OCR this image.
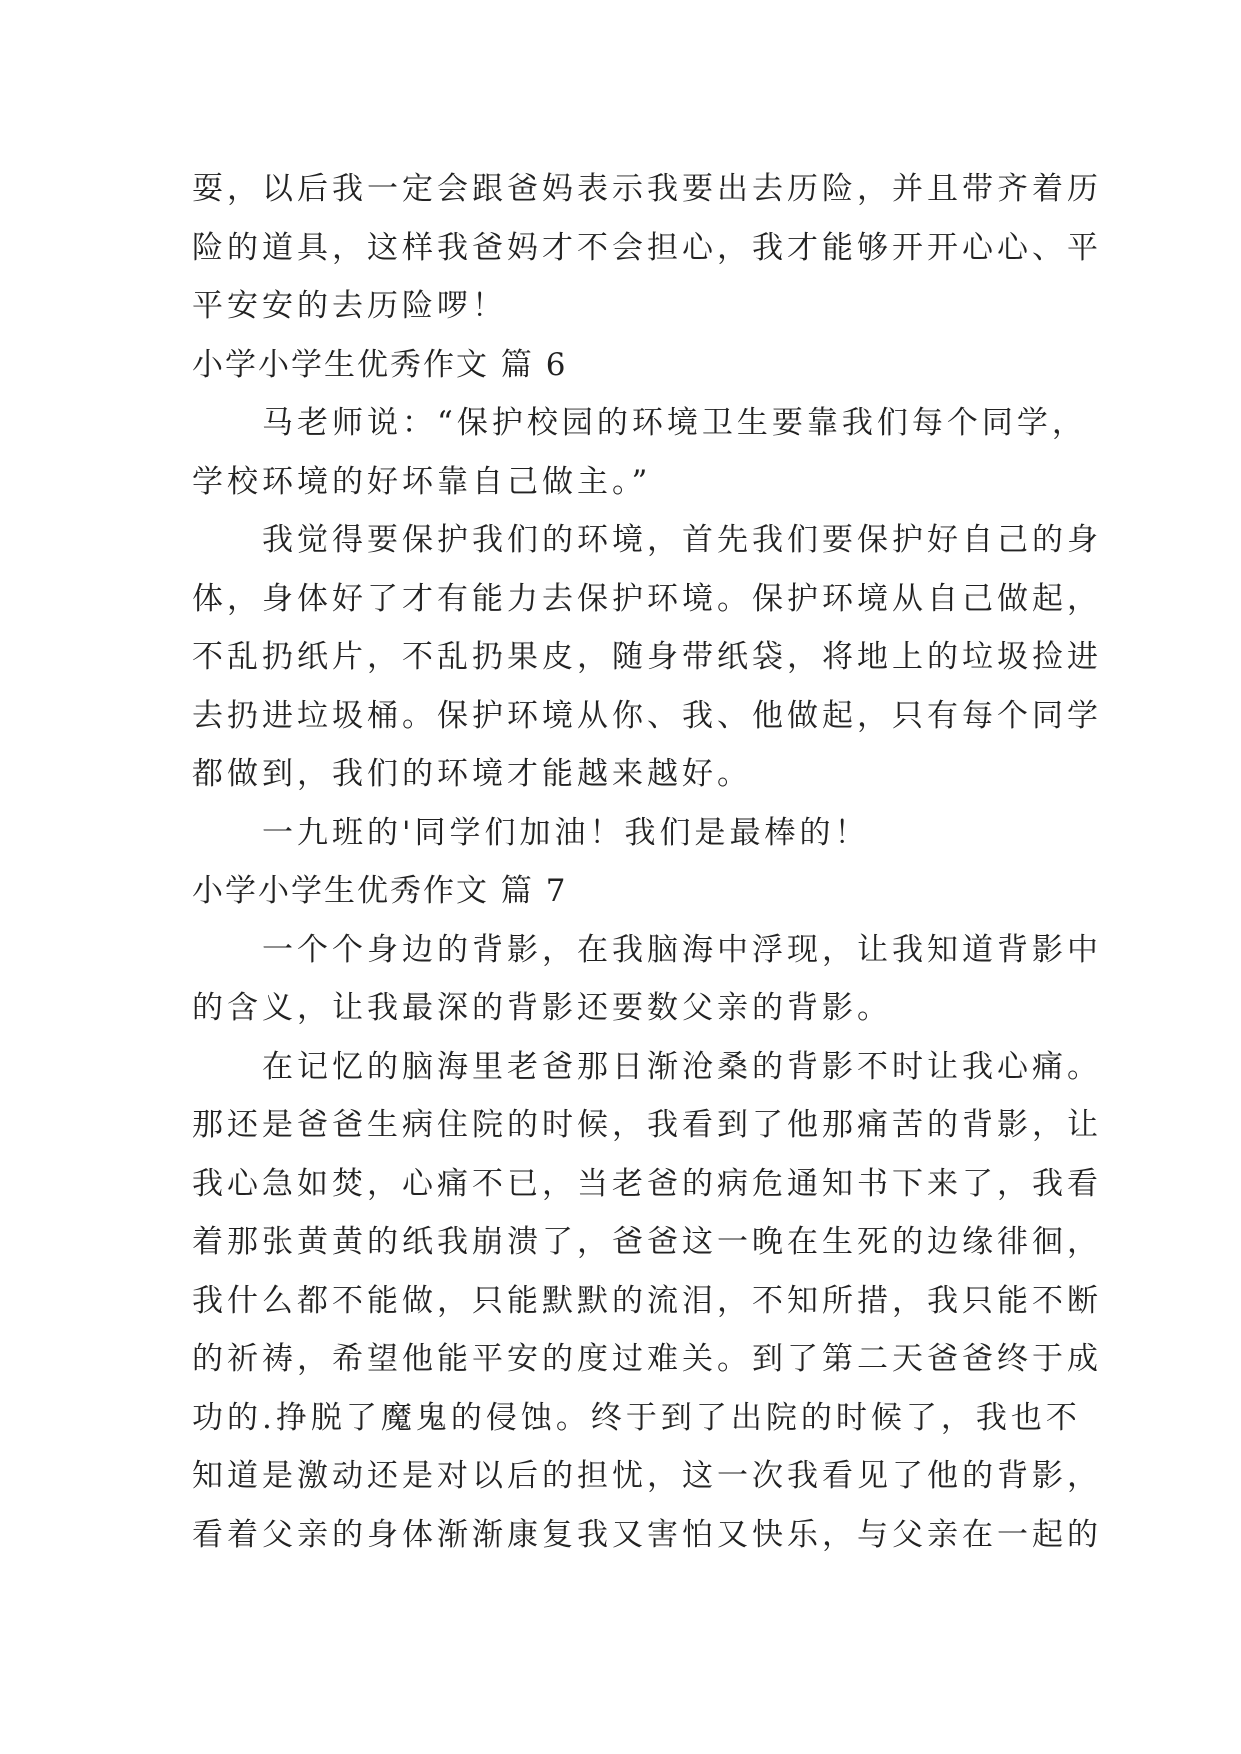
耍，以后我一定会跟爸妈表示我要出去历险，并且带齐着历
险的道具，这样我爸妈才不会担心，我才能够开开心心、平
平安安的去历险啰！
小学小学生优秀作文 篇 6
　　马老师说：“保护校园的环境卫生要靠我们每个同学，
学校环境的好坏靠自己做主。”
　　我觉得要保护我们的环境，首先我们要保护好自己的身
体，身体好了才有能力去保护环境。保护环境从自己做起，
不乱扔纸片，不乱扔果皮，随身带纸袋，将地上的垃圾捡进
去扔进垃圾桶。保护环境从你、我、他做起，只有每个同学
都做到，我们的环境才能越来越好。
　　一九班的'同学们加油！我们是最棒的！
小学小学生优秀作文 篇 7
　　一个个身边的背影，在我脑海中浮现，让我知道背影中
的含义，让我最深的背影还要数父亲的背影。
　　在记忆的脑海里老爸那日渐沧桑的背影不时让我心痛。
那还是爸爸生病住院的时候，我看到了他那痛苦的背影，让
我心急如焚，心痛不已，当老爸的病危通知书下来了，我看
着那张黄黄的纸我崩溃了，爸爸这一晚在生死的边缘徘徊，
我什么都不能做，只能默默的流泪，不知所措，我只能不断
的祈祷，希望他能平安的度过难关。到了第二天爸爸终于成
功的.挣脱了魔鬼的侵蚀。终于到了出院的时候了，我也不
知道是激动还是对以后的担忧，这一次我看见了他的背影，
看着父亲的身体渐渐康复我又害怕又快乐，与父亲在一起的
